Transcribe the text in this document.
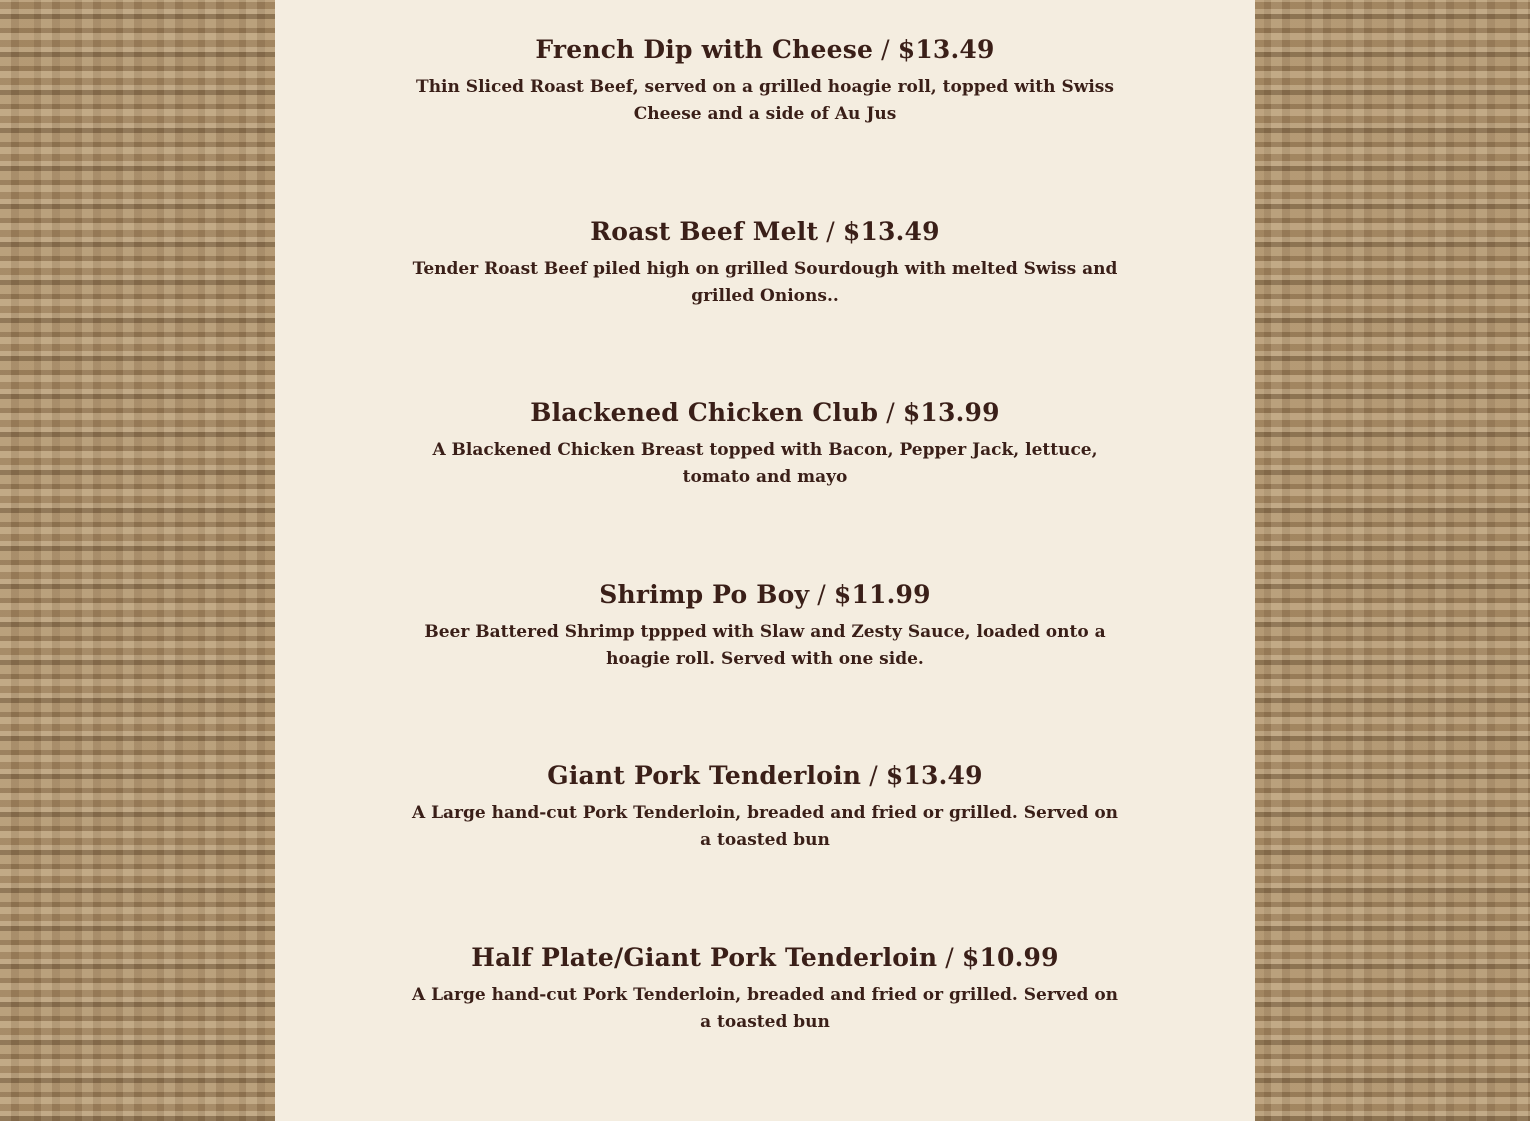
French Dip with Cheese / $13.49
Thin Sliced Roast Beef, served on a grilled hoagie roll, topped with Swiss Cheese and a side of Au Jus
Roast Beef Melt / $13.49
Tender Roast Beef piled high on grilled Sourdough with melted Swiss and grilled Onions..
Blackened Chicken Club / $13.99
A Blackened Chicken Breast topped with Bacon, Pepper Jack, lettuce, tomato and mayo
Shrimp Po Boy / $11.99
Beer Battered Shrimp tppped with Slaw and Zesty Sauce, loaded onto a hoagie roll. Served with one side.
Giant Pork Tenderloin / $13.49
A Large hand-cut Pork Tenderloin, breaded and fried or grilled. Served on a toasted bun
Half Plate/Giant Pork Tenderloin / $10.99
A Large hand-cut Pork Tenderloin, breaded and fried or grilled. Served on a toasted bun
